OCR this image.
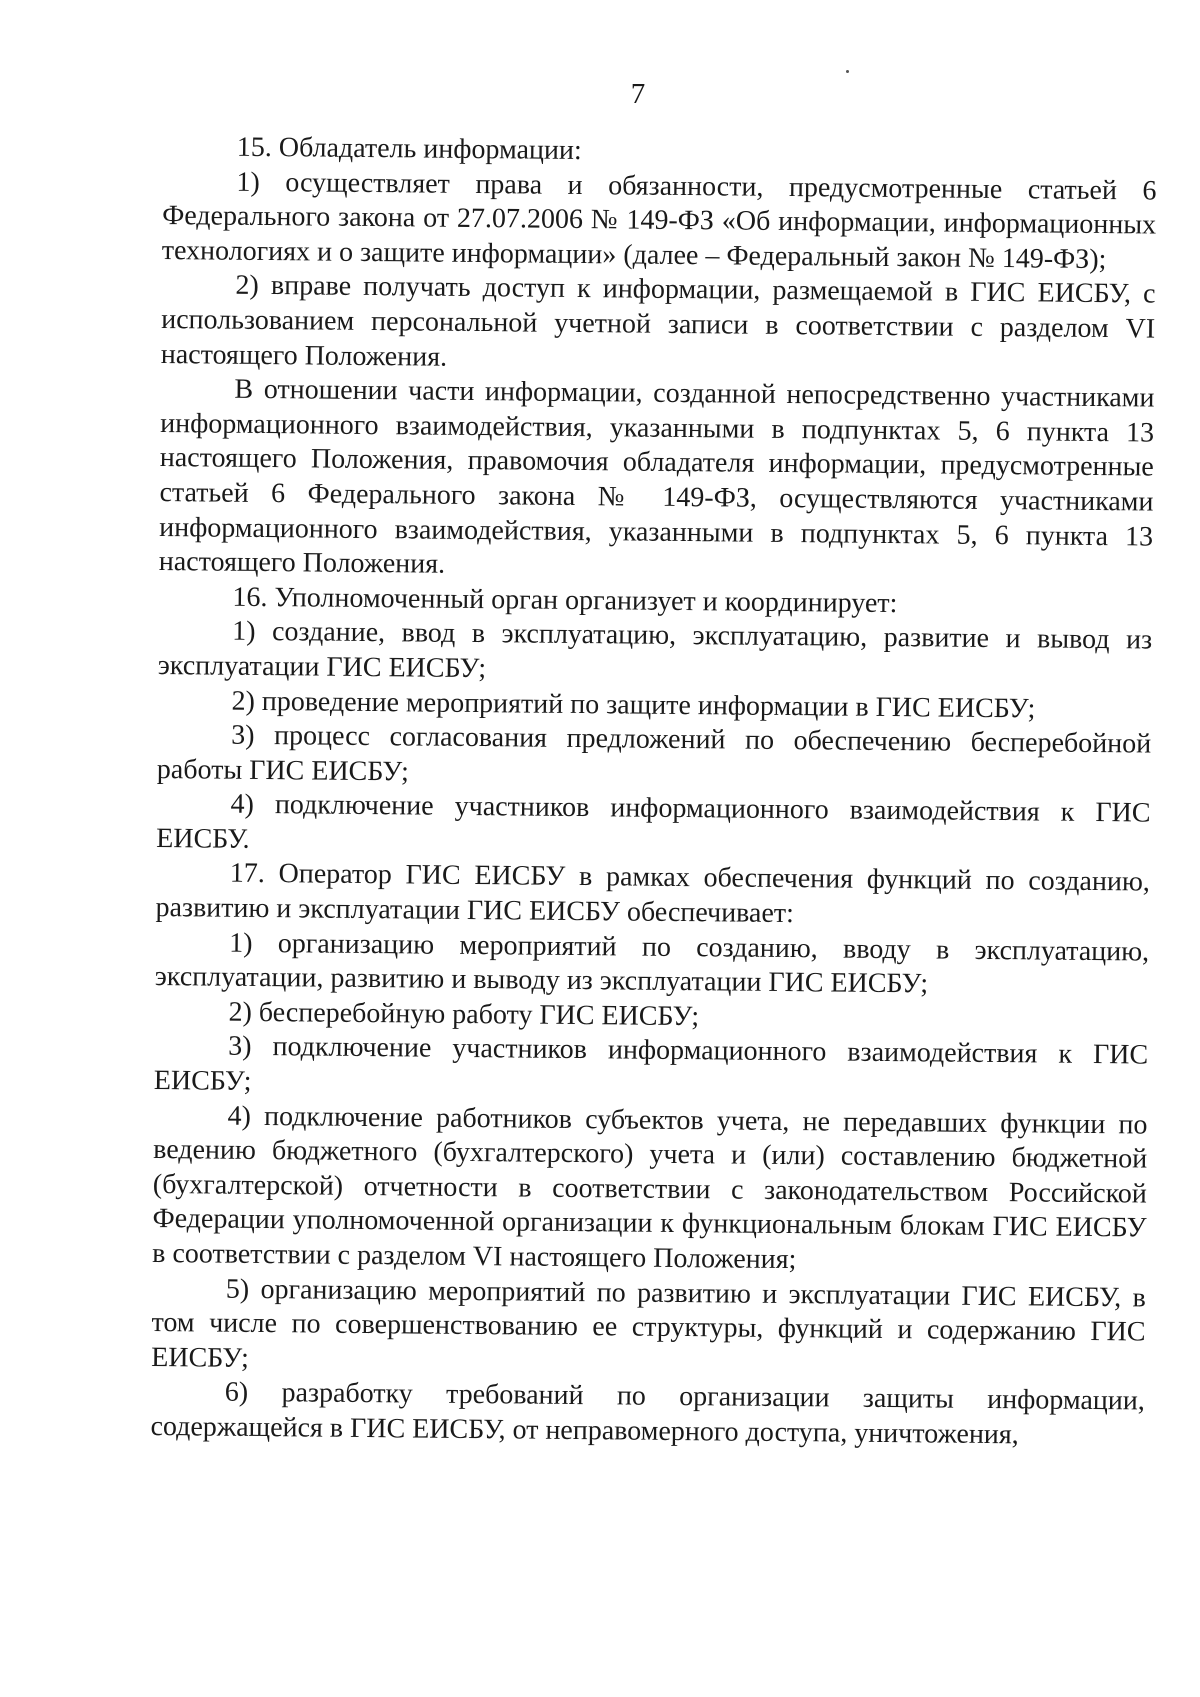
7

15. Обладатель информации:

1) осуществляет права и обязанности, предусмотренные статьей 6 Федерального закона от 27.07.2006 № 149-ФЗ «Об информации, информационных технологиях и о защите информации» (далее – Федеральный закон № 149-ФЗ);

2) вправе получать доступ к информации, размещаемой в ГИС ЕИСБУ, с использованием персональной учетной записи в соответствии с разделом VI настоящего Положения.

В отношении части информации, созданной непосредственно участниками информационного взаимодействия, указанными в подпунктах 5, 6 пункта 13 настоящего Положения, правомочия обладателя информации, предусмотренные статьей 6 Федерального закона № 149-ФЗ, осуществляются участниками информационного взаимодействия, указанными в подпунктах 5, 6 пункта 13 настоящего Положения.

16. Уполномоченный орган организует и координирует:

1) создание, ввод в эксплуатацию, эксплуатацию, развитие и вывод из эксплуатации ГИС ЕИСБУ;

2) проведение мероприятий по защите информации в ГИС ЕИСБУ;

3) процесс согласования предложений по обеспечению бесперебойной работы ГИС ЕИСБУ;

4) подключение участников информационного взаимодействия к ГИС ЕИСБУ.

17. Оператор ГИС ЕИСБУ в рамках обеспечения функций по созданию, развитию и эксплуатации ГИС ЕИСБУ обеспечивает:

1) организацию мероприятий по созданию, вводу в эксплуатацию, эксплуатации, развитию и выводу из эксплуатации ГИС ЕИСБУ;

2) бесперебойную работу ГИС ЕИСБУ;

3) подключение участников информационного взаимодействия к ГИС ЕИСБУ;

4) подключение работников субъектов учета, не передавших функции по ведению бюджетного (бухгалтерского) учета и (или) составлению бюджетной (бухгалтерской) отчетности в соответствии с законодательством Российской Федерации уполномоченной организации к функциональным блокам ГИС ЕИСБУ в соответствии с разделом VI настоящего Положения;

5) организацию мероприятий по развитию и эксплуатации ГИС ЕИСБУ, в том числе по совершенствованию ее структуры, функций и содержанию ГИС ЕИСБУ;

6) разработку требований по организации защиты информации, содержащейся в ГИС ЕИСБУ, от неправомерного доступа, уничтожения,
